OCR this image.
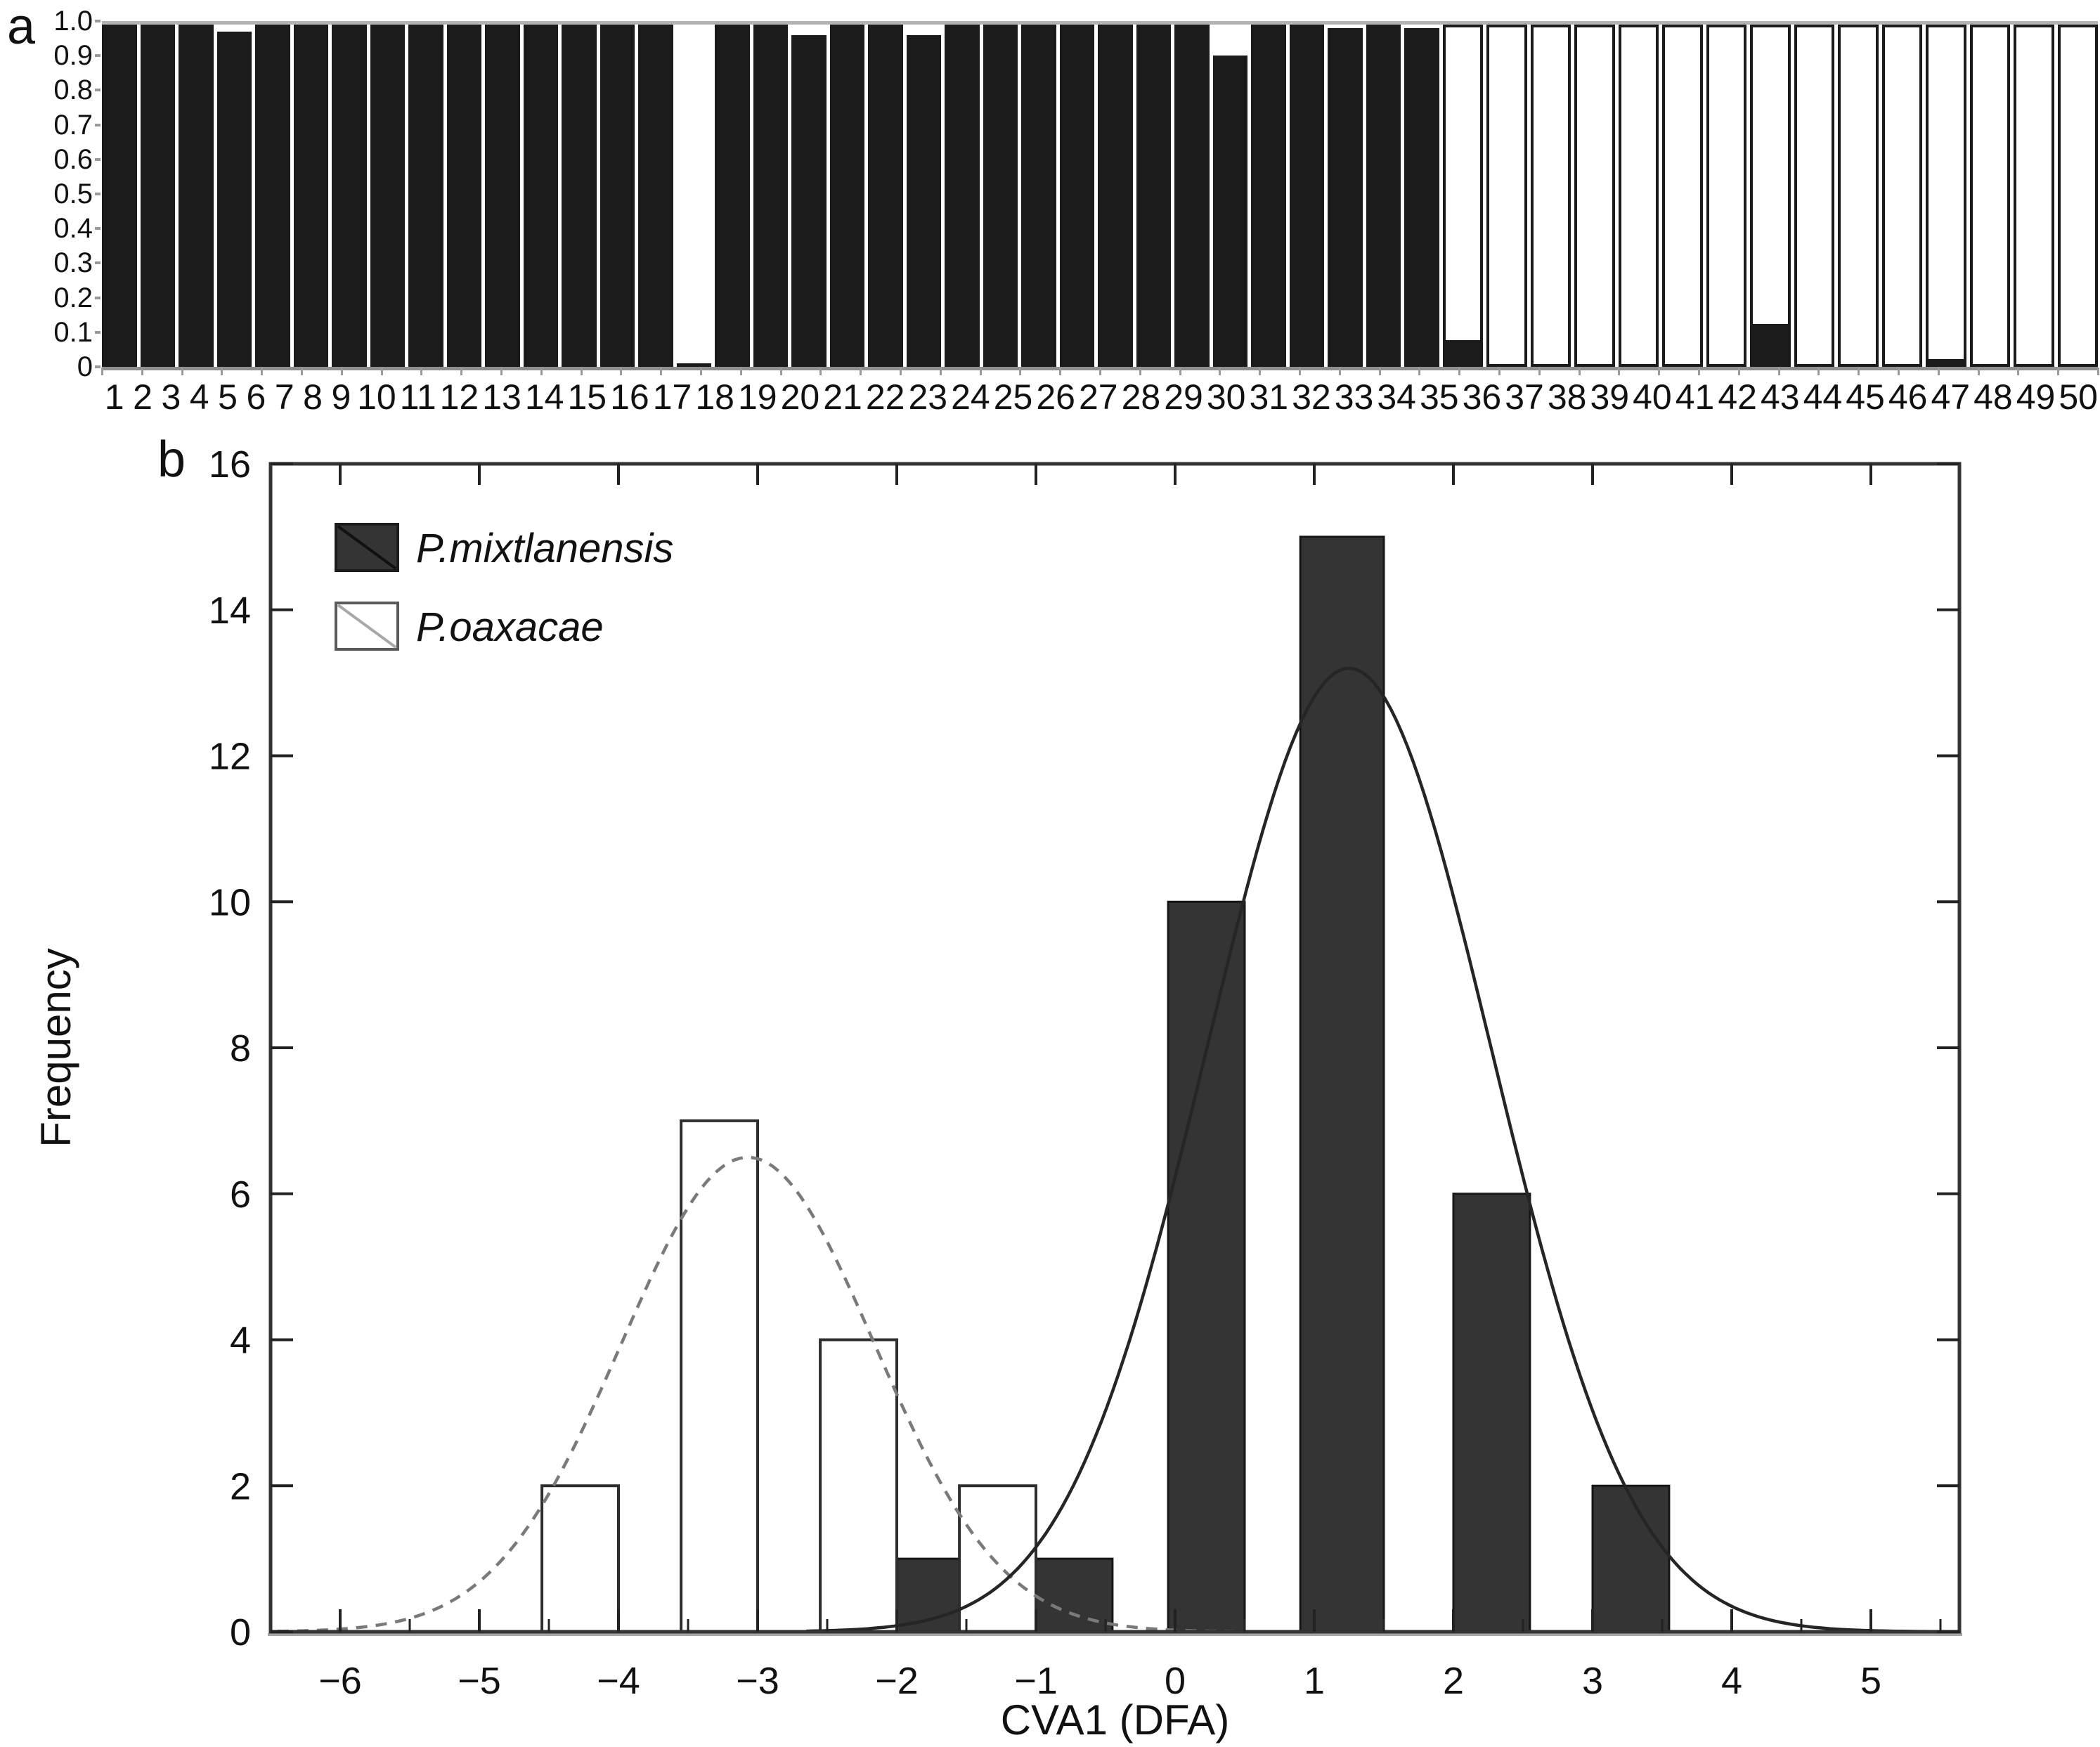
a 1.0
0.9
0.8
0.7
0.6
0.5
0.4
0.3
0.2
0.1
0
1 2 3 4 5 6 7 8 9 10 11 12 13 14 15 16 17 18 19 20 21 22 23 24 25 26 27 28 29 30 31 32 33 34 35 36 37 38 39 40 41 42 43 44 45 46 47 48 49 50
−6	−5	−4	−3	−2	−1	0	1	2	3	4	5
0
2
4
6
8
10
12
14
16
CVA1 (DFA)
Frequency
P.mixtlanensis
P.oaxacae
b
